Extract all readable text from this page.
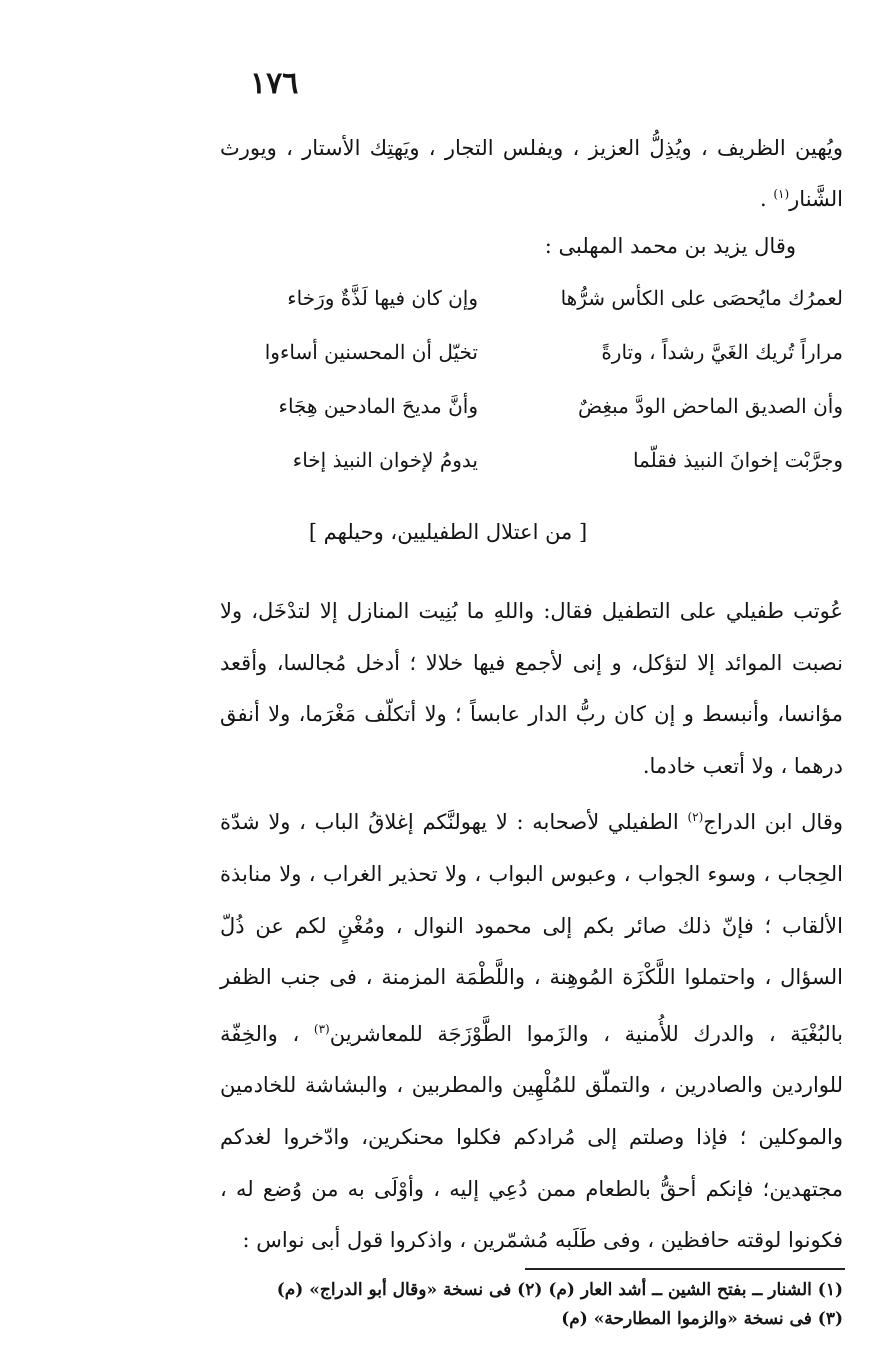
١٧٦
ويُهين الظريف ، ويُذِلُّ العزيز ، ويفلس التجار ، ويَهتِك الأستار ، ويورث الشَّنار$^{(١)}$ .
وقال يزيد بن محمد المهلبى :
لعمرُك مايُحصَى على الكأس شرُّها
وإن كان فيها لَذَّةٌ ورَخاء
مراراً تُريك الغَيَّ رشداً ، وتارةً
تخيّل أن المحسنين أساءوا
وأن الصديق الماحض الودَّ مبغِضٌ
وأنَّ مديحَ المادحين هِجَاء
وجرَّبْت إخوانَ النبيذ فقلّما
يدومُ لإخوان النبيذ إخاء
[ من اعتلال الطفيليين، وحيلهم ]
عُوتب طفيلي على التطفيل فقال: واللهِ ما بُنِيت المنازل إلا لتدْخَل، ولا نصبت الموائد إلا لتؤكل، و إنى لأجمع فيها خلالا ؛ أدخل مُجالسا، وأقعد مؤانسا، وأنبسط و إن كان ربُّ الدار عابساً ؛ ولا أتكلّف مَغْرَما، ولا أنفق درهما ، ولا أتعب خادما.
وقال ابن الدراج$^{(٢)}$ الطفيلي لأصحابه : لا يهولنَّكم إغلاقُ الباب ، ولا شدّة الحِجاب ، وسوء الجواب ، وعبوس البواب ، ولا تحذير الغراب ، ولا منابذة الألقاب ؛ فإنّ ذلك صائر بكم إلى محمود النوال ، ومُغْنٍ لكم عن ذُلّ السؤال ، واحتملوا اللَّكْزَة المُوهِنة ، واللَّطْمَة المزمنة ، فى جنب الظفر بالبُغْيَة ، والدرك للأُمنية ، والزَموا الطَّوْزَجَة للمعاشرين$^{(٣)}$ ، والخِفّة للواردين والصادرين ، والتملّق للمُلْهِين والمطربين ، والبشاشة للخادمين والموكلين ؛ فإذا وصلتم إلى مُرادكم فكلوا محنكرين، وادّخروا لغدكم مجتهدين؛ فإنكم أحقُّ بالطعام ممن دُعِي إليه ، وأوْلَى به من وُضع له ، فكونوا لوقته حافظين ، وفى طَلَبه مُشمّرين ، واذكروا قول أبى نواس :
(١) الشنار ــ بفتح الشين ــ أشد العار (م) (٢) فى نسخة «وقال أبو الدراج» (م)
(٣) فى نسخة «والزموا المطارحة» (م)
